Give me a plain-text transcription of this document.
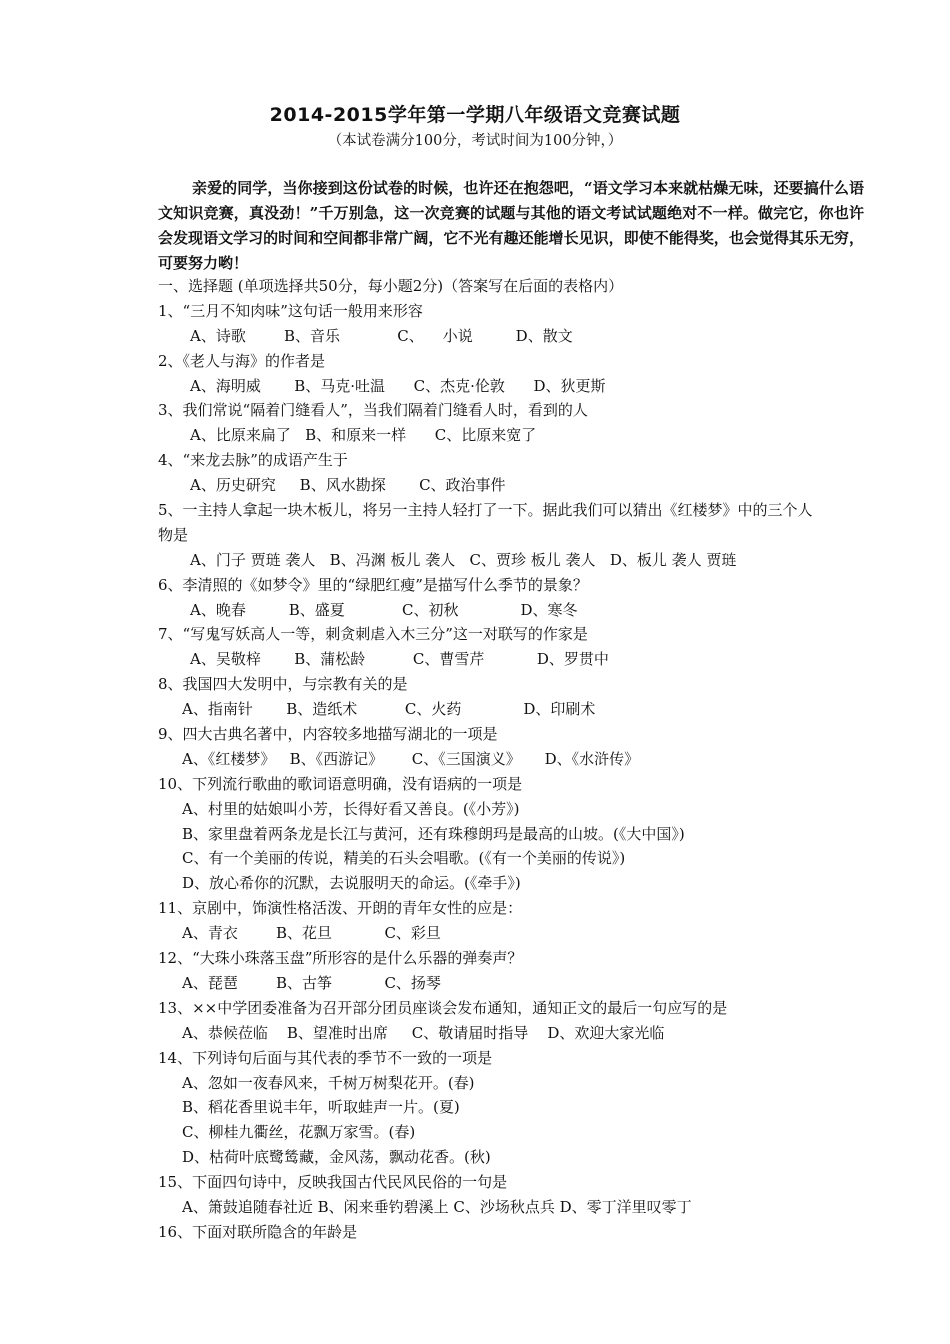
2014-2015学年第一学期八年级语文竞赛试题
（本试卷满分100分，考试时间为100分钟，）
亲爱的同学，当你接到这份试卷的时候，也许还在抱怨吧，“语文学习本来就枯燥无味，还要搞什么语文知识竞赛，真没劲！”千万别急，这一次竞赛的试题与其他的语文考试试题绝对不一样。做完它，你也许会发现语文学习的时间和空间都非常广阔，它不光有趣还能增长见识，即使不能得奖，也会觉得其乐无穷，可要努力哟！
一、选择题 (单项选择共50分，每小题2分)（答案写在后面的表格内）
1、“三月不知肉味”这句话一般用来形容
A、诗歌        B、音乐            C、    小说         D、散文
2、《老人与海》的作者是
A、海明威       B、马克·吐温      C、杰克·伦敦      D、狄更斯
3、我们常说“隔着门缝看人”，当我们隔着门缝看人时，看到的人
A、比原来扁了   B、和原来一样      C、比原来宽了
4、“来龙去脉”的成语产生于
A、历史研究     B、风水勘探       C、政治事件
5、一主持人拿起一块木板儿，将另一主持人轻打了一下。据此我们可以猜出《红楼梦》中的三个人
物是
A、门子 贾琏 袭人   B、冯渊 板儿 袭人   C、贾珍 板儿 袭人   D、板儿 袭人 贾琏
6、李清照的《如梦令》里的“绿肥红瘦”是描写什么季节的景象？
A、晚春         B、盛夏            C、初秋             D、寒冬
7、“写鬼写妖高人一等，刺贪刺虐入木三分”这一对联写的作家是
A、吴敬梓       B、蒲松龄          C、曹雪芹           D、罗贯中
8、我国四大发明中，与宗教有关的是
A、指南针       B、造纸术          C、火药             D、印刷术
9、四大古典名著中，内容较多地描写湖北的一项是
A、《红楼梦》   B、《西游记》      C、《三国演义》     D、《水浒传》
10、下列流行歌曲的歌词语意明确，没有语病的一项是
A、村里的姑娘叫小芳，长得好看又善良。(《小芳》)
B、家里盘着两条龙是长江与黄河，还有珠穆朗玛是最高的山坡。(《大中国》)
C、有一个美丽的传说，精美的石头会唱歌。(《有一个美丽的传说》)
D、放心希你的沉默，去说服明天的命运。(《牵手》)
11、京剧中，饰演性格活泼、开朗的青年女性的应是：
A、青衣        B、花旦           C、彩旦
12、“大珠小珠落玉盘”所形容的是什么乐器的弹奏声？
A、琵琶        B、古筝           C、扬琴
13、××中学团委准备为召开部分团员座谈会发布通知，通知正文的最后一句应写的是
A、恭候莅临    B、望准时出席     C、敬请届时指导    D、欢迎大家光临
14、下列诗句后面与其代表的季节不一致的一项是
A、忽如一夜春风来，千树万树梨花开。(春)
B、稻花香里说丰年，听取蛙声一片。(夏)
C、柳桂九衢丝，花飘万家雪。(春)
D、枯荷叶底鹭鸶藏，金风荡，飘动花香。(秋)
15、下面四句诗中，反映我国古代民风民俗的一句是
A、箫鼓追随春社近 B、闲来垂钓碧溪上 C、沙场秋点兵 D、零丁洋里叹零丁
16、下面对联所隐含的年龄是
